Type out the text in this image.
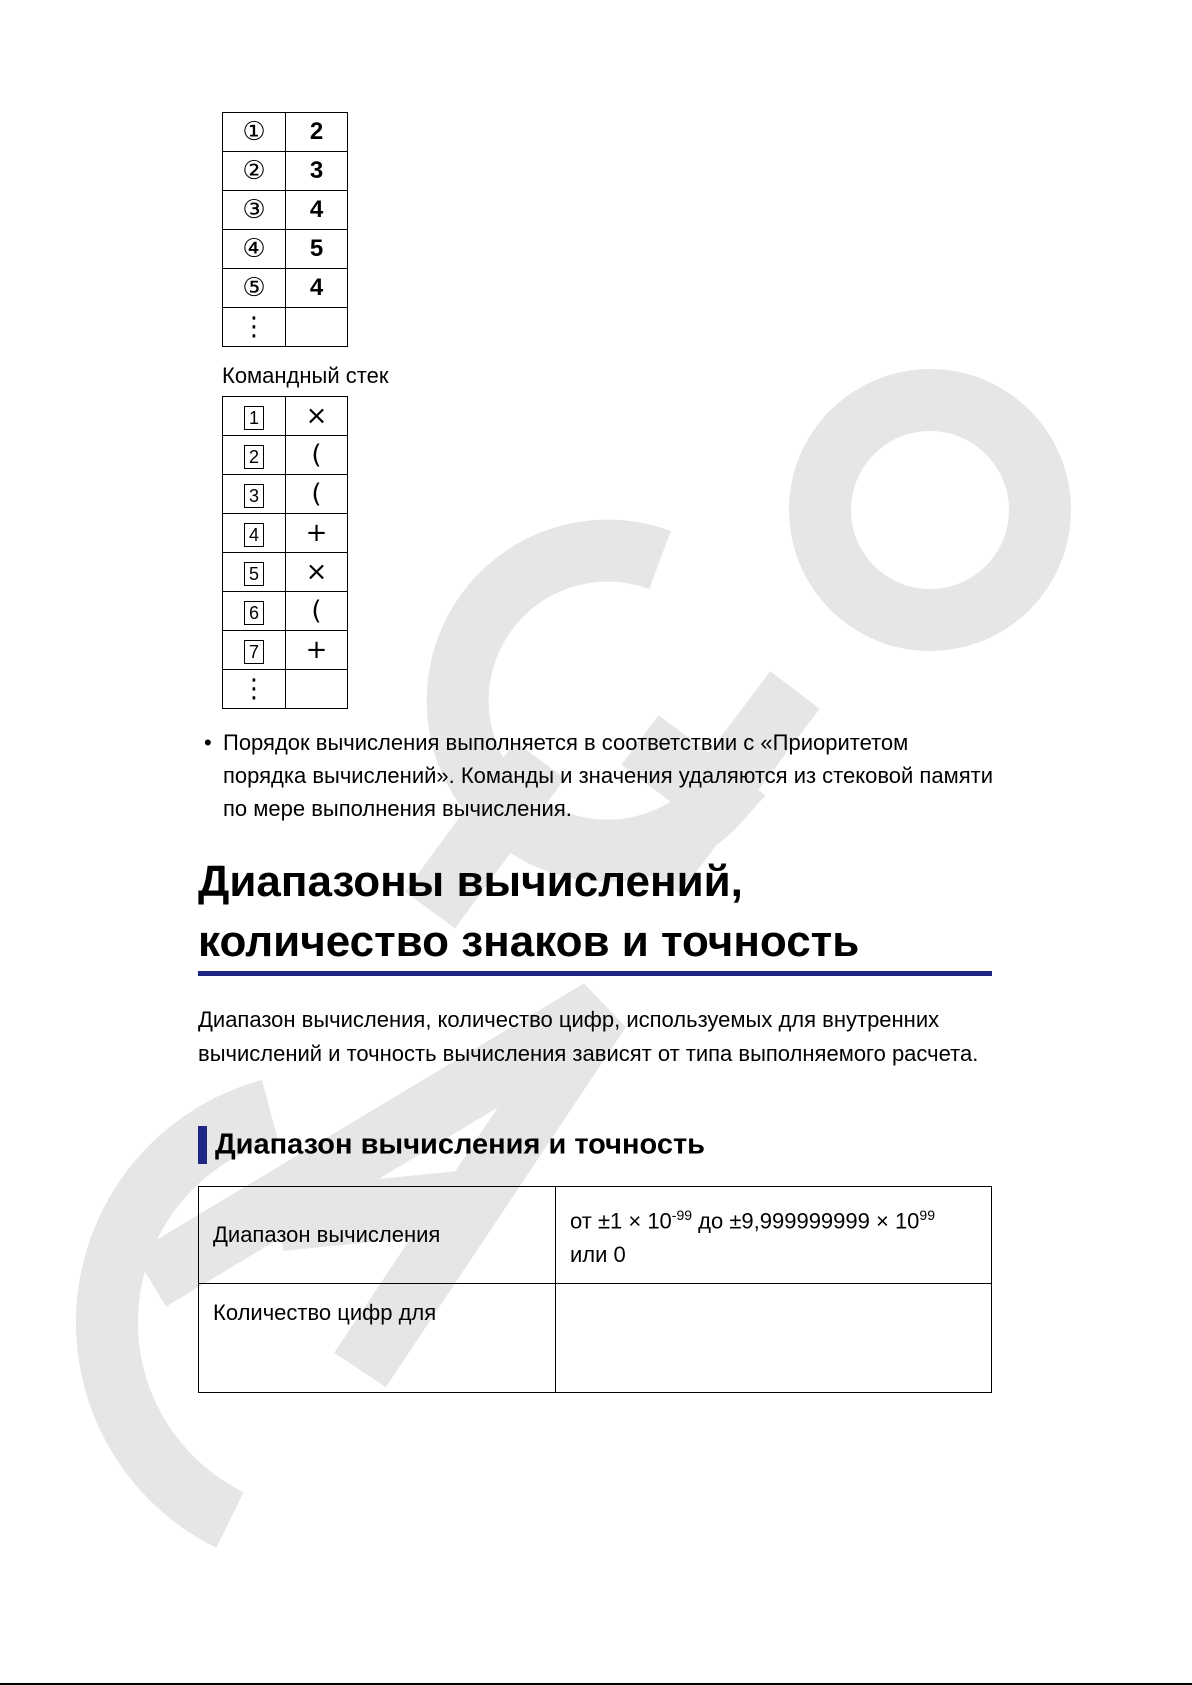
①	2
②	3
③	4
④	5
⑤	4
⋮	
Командный стек
1	×
2	(
3	(
4	+
5	×
6	(
7	+
⋮	
• Порядок вычисления выполняется в соответствии с «Приоритетом порядка вычислений». Команды и значения удаляются из стековой памяти по мере выполнения вычисления.
Диапазоны вычислений,
количество знаков и точность
Диапазон вычисления, количество цифр, используемых для внутренних вычислений и точность вычисления зависят от типа выполняемого расчета.
Диапазон вычисления и точность
Диапазон вычисления	от $\pm 1 \times 10^{-99}$ до $\pm 9,999999999 \times 10^{99}$
или 0
Количество цифр для	
